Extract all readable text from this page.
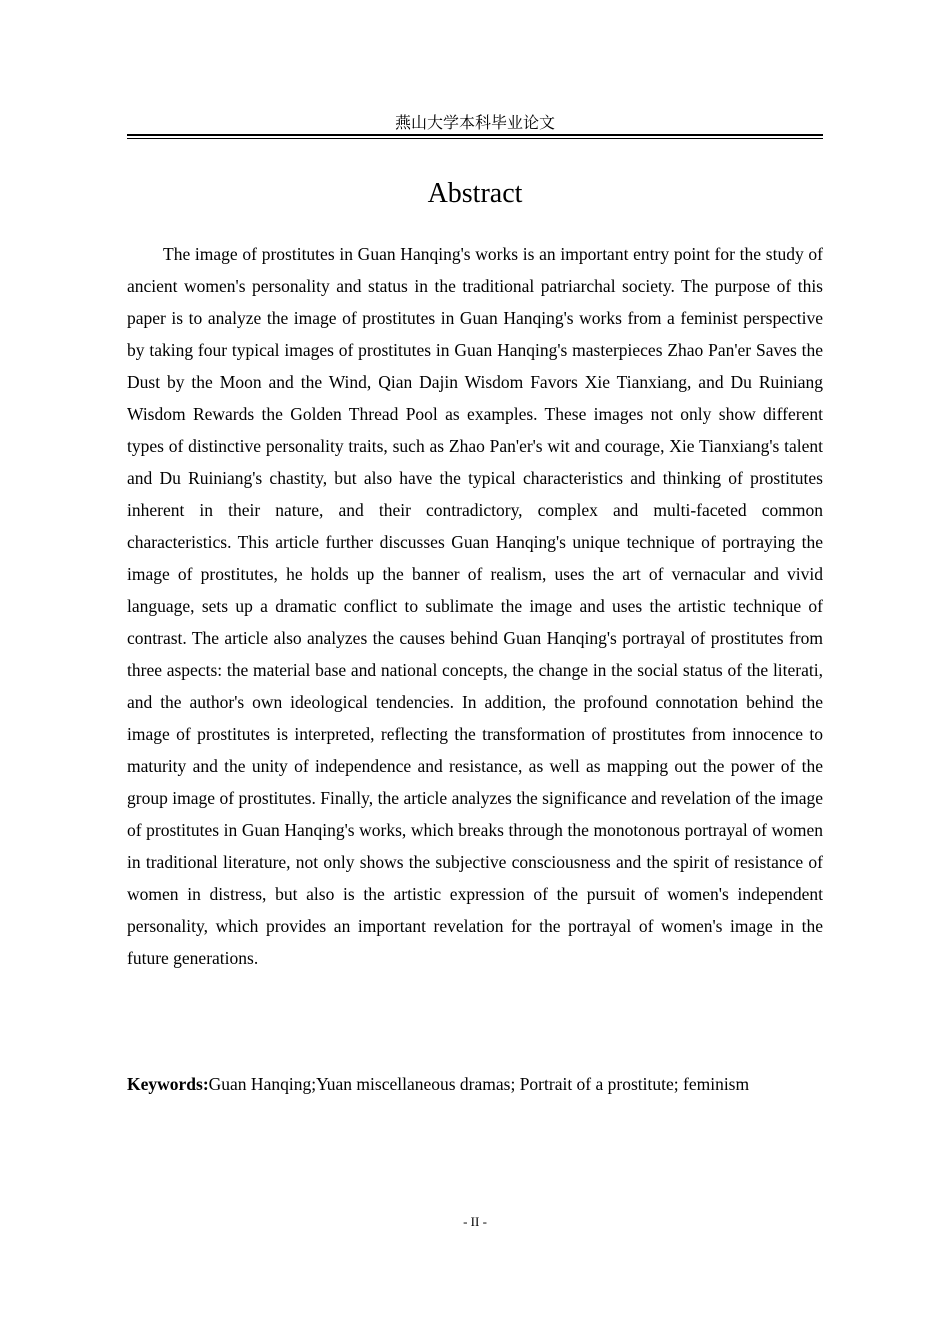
燕山大学本科毕业论文
Abstract

The image of prostitutes in Guan Hanqing's works is an important entry point for the study of ancient women's personality and status in the traditional patriarchal society. The purpose of this paper is to analyze the image of prostitutes in Guan Hanqing's works from a feminist perspective by taking four typical images of prostitutes in Guan Hanqing's masterpieces Zhao Pan'er Saves the Dust by the Moon and the Wind, Qian Dajin Wisdom Favors Xie Tianxiang, and Du Ruiniang Wisdom Rewards the Golden Thread Pool as examples. These images not only show different types of distinctive personality traits, such as Zhao Pan'er's wit and courage, Xie Tianxiang's talent and Du Ruiniang's chastity, but also have the typical characteristics and thinking of prostitutes inherent in their nature, and their contradictory, complex and multi-faceted common characteristics. This article further discusses Guan Hanqing's unique technique of portraying the image of prostitutes, he holds up the banner of realism, uses the art of vernacular and vivid language, sets up a dramatic conflict to sublimate the image and uses the artistic technique of contrast. The article also analyzes the causes behind Guan Hanqing's portrayal of prostitutes from three aspects: the material base and national concepts, the change in the social status of the literati, and the author's own ideological tendencies. In addition, the profound connotation behind the image of prostitutes is interpreted, reflecting the transformation of prostitutes from innocence to maturity and the unity of independence and resistance, as well as mapping out the power of the group image of prostitutes. Finally, the article analyzes the significance and revelation of the image of prostitutes in Guan Hanqing's works, which breaks through the monotonous portrayal of women in traditional literature, not only shows the subjective consciousness and the spirit of resistance of women in distress, but also is the artistic expression of the pursuit of women's independent personality, which provides an important revelation for the portrayal of women's image in the future generations.

Keywords:Guan Hanqing;Yuan miscellaneous dramas; Portrait of a prostitute; feminism
- II -
